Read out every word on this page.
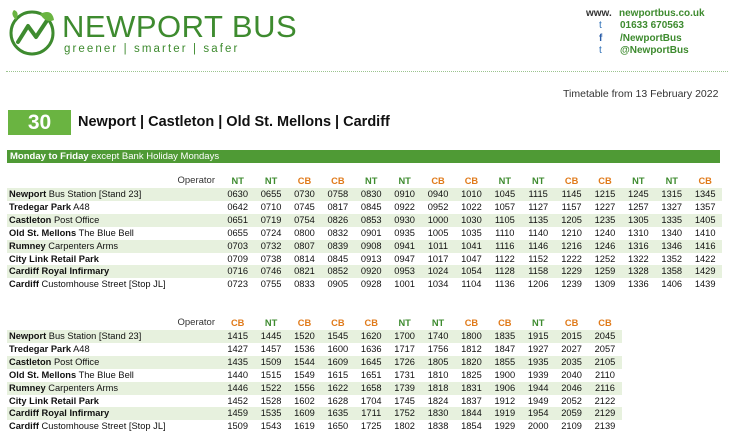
NEWPORT BUS
greener | smarter | safer
www. newportbus.co.uk
t 01633 670563
f /NewportBus
t @NewportBus
Timetable from 13 February 2022
30	Newport | Castleton | Old St. Mellons | Cardiff
Monday to Friday except Bank Holiday Mondays
Operator	NT	NT	CB	CB	NT	NT	CB	CB	NT	NT	CB	CB	NT	NT	CB
Newport Bus Station [Stand 23]	0630	0655	0730	0758	0830	0910	0940	1010	1045	1115	1145	1215	1245	1315	1345
Tredegar Park A48	0642	0710	0745	0817	0845	0922	0952	1022	1057	1127	1157	1227	1257	1327	1357
Castleton Post Office	0651	0719	0754	0826	0853	0930	1000	1030	1105	1135	1205	1235	1305	1335	1405
Old St. Mellons The Blue Bell	0655	0724	0800	0832	0901	0935	1005	1035	1110	1140	1210	1240	1310	1340	1410
Rumney Carpenters Arms	0703	0732	0807	0839	0908	0941	1011	1041	1116	1146	1216	1246	1316	1346	1416
City Link Retail Park	0709	0738	0814	0845	0913	0947	1017	1047	1122	1152	1222	1252	1322	1352	1422
Cardiff Royal Infirmary	0716	0746	0821	0852	0920	0953	1024	1054	1128	1158	1229	1259	1328	1358	1429
Cardiff Customhouse Street [Stop JL]	0723	0755	0833	0905	0928	1001	1034	1104	1136	1206	1239	1309	1336	1406	1439
Operator	CB	NT	CB	CB	CB	NT	NT	CB	CB	NT	CB	CB
Newport Bus Station [Stand 23]	1415	1445	1520	1545	1620	1700	1740	1800	1835	1915	2015	2045
Tredegar Park A48	1427	1457	1536	1600	1636	1717	1756	1812	1847	1927	2027	2057
Castleton Post Office	1435	1509	1544	1609	1645	1726	1805	1820	1855	1935	2035	2105
Old St. Mellons The Blue Bell	1440	1515	1549	1615	1651	1731	1810	1825	1900	1939	2040	2110
Rumney Carpenters Arms	1446	1522	1556	1622	1658	1739	1818	1831	1906	1944	2046	2116
City Link Retail Park	1452	1528	1602	1628	1704	1745	1824	1837	1912	1949	2052	2122
Cardiff Royal Infirmary	1459	1535	1609	1635	1711	1752	1830	1844	1919	1954	2059	2129
Cardiff Customhouse Street [Stop JL]	1509	1543	1619	1650	1725	1802	1838	1854	1929	2000	2109	2139
